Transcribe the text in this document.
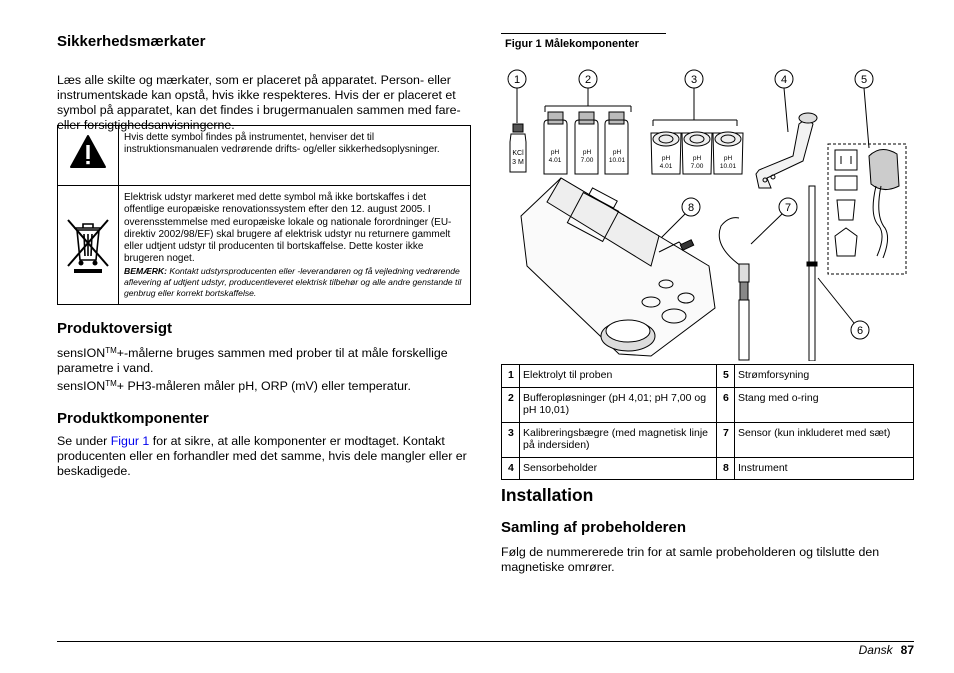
Sikkerhedsmærkater

Læs alle skilte og mærkater, som er placeret på apparatet. Person- eller instrumentskade kan opstå, hvis ikke respekteres. Hvis der er placeret et symbol på apparatet, kan det findes i brugermanualen sammen med fare- eller forsigtighedsanvisningerne.

	Hvis dette symbol findes på instrumentet, henviser det til instruktionsmanualen vedrørende drifts- og/eller sikkerhedsoplysninger.

Elektrisk udstyr markeret med dette symbol må ikke bortskaffes i det offentlige europæiske renovationssystem efter den 12. august 2005. I overensstemmelse med europæiske lokale og nationale forordninger (EU-direktiv 2002/98/EF) skal brugere af elektrisk udstyr nu returnere gammelt eller udtjent udstyr til producenten til bortskaffelse. Dette koster ikke brugeren noget.
BEMÆRK: Kontakt udstyrsproducenten eller -leverandøren og få vejledning vedrørende aflevering af udtjent udstyr, producentleveret elektrisk tilbehør og alle andre genstande til genbrug eller korrekt bortskaffelse.
Produktoversigt

sensION™+-målerne bruges sammen med prober til at måle forskellige parametre i vand.

sensION™+ PH3-måleren måler pH, ORP (mV) eller temperatur.

Produktkomponenter

Se under Figur 1 for at sikre, at alle komponenter er modtaget. Kontakt producenten eller en forhandler med det samme, hvis dele mangler eller er beskadigede.

Figur 1 Målekomponenter
1	2	3	4	5
8	7
6
KCl
3 M
pH
4.01
pH
7.00
pH
10.01	pH
4.01
pH
7.00
pH
10.01
1	Elektrolyt til proben	5	Strømforsyning
2	Bufferopløsninger (pH 4,01; pH 7,00 og pH 10,01)	6	Stang med o-ring
3	Kalibreringsbægre (med magnetisk linje på indersiden)	7	Sensor (kun inkluderet med sæt)
4	Sensorbeholder	8	Instrument
Installation
Samling af probeholderen

Følg de nummererede trin for at samle probeholderen og tilslutte den magnetiske omrører.

Dansk 87
